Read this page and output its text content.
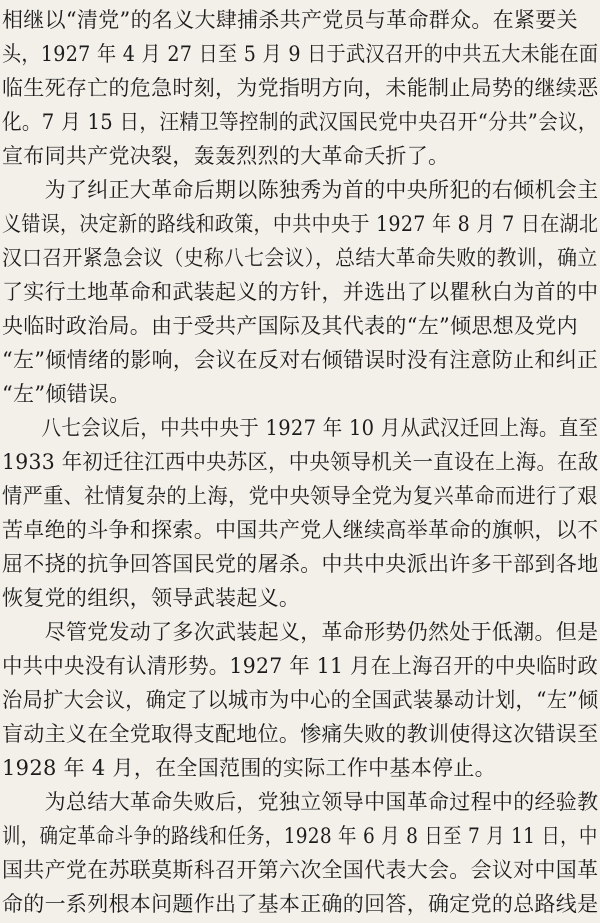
相继以“清党”的名义大肆捕杀共产党员与革命群众。在紧要关
头，1927 年 4 月 27 日至 5 月 9 日于武汉召开的中共五大未能在面
临生死存亡的危急时刻，为党指明方向，未能制止局势的继续恶
化。7 月 15 日，汪精卫等控制的武汉国民党中央召开“分共”会议，
宣布同共产党决裂，轰轰烈烈的大革命夭折了。
　　为了纠正大革命后期以陈独秀为首的中央所犯的右倾机会主
义错误，决定新的路线和政策，中共中央于 1927 年 8 月 7 日在湖北
汉口召开紧急会议（史称八七会议），总结大革命失败的教训，确立
了实行土地革命和武装起义的方针，并选出了以瞿秋白为首的中
央临时政治局。由于受共产国际及其代表的“左”倾思想及党内
“左”倾情绪的影响，会议在反对右倾错误时没有注意防止和纠正
“左”倾错误。
　　八七会议后，中共中央于 1927 年 10 月从武汉迁回上海。直至
1933 年初迁往江西中央苏区，中央领导机关一直设在上海。在敌
情严重、社情复杂的上海，党中央领导全党为复兴革命而进行了艰
苦卓绝的斗争和探索。中国共产党人继续高举革命的旗帜，以不
屈不挠的抗争回答国民党的屠杀。中共中央派出许多干部到各地
恢复党的组织，领导武装起义。
　　尽管党发动了多次武装起义，革命形势仍然处于低潮。但是
中共中央没有认清形势。1927 年 11 月在上海召开的中央临时政
治局扩大会议，确定了以城市为中心的全国武装暴动计划，“左”倾
盲动主义在全党取得支配地位。惨痛失败的教训使得这次错误至
1928 年 4 月，在全国范围的实际工作中基本停止。
　　为总结大革命失败后，党独立领导中国革命过程中的经验教
训，确定革命斗争的路线和任务，1928 年 6 月 8 日至 7 月 11 日，中
国共产党在苏联莫斯科召开第六次全国代表大会。会议对中国革
命的一系列根本问题作出了基本正确的回答，确定党的总路线是
